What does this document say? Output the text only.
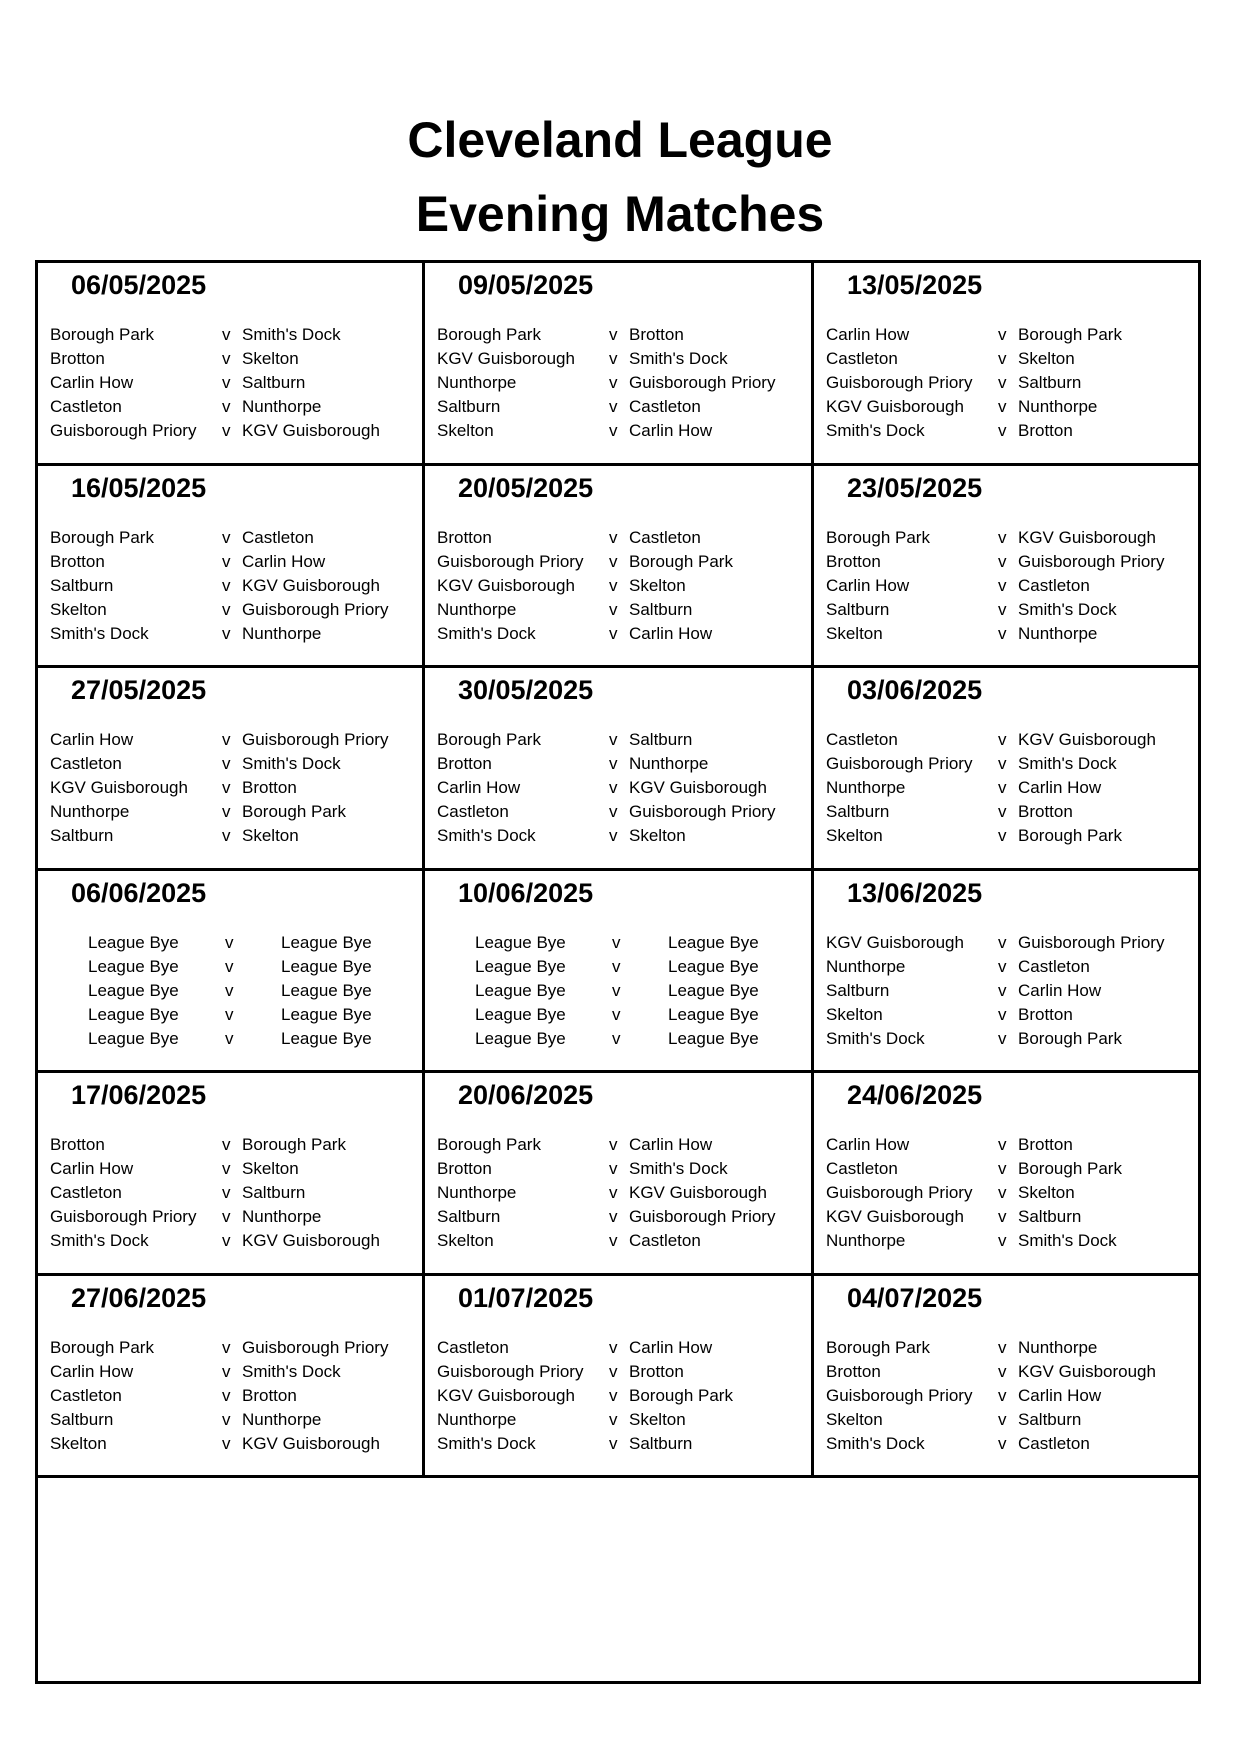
Cleveland League
Evening Matches
06/05/2025
Borough Park	v Smith's Dock
Brotton	v Skelton
Carlin How	v Saltburn
Castleton	v Nunthorpe
Guisborough Priory	v KGV Guisborough
09/05/2025
Borough Park	v Brotton
KGV Guisborough	v Smith's Dock
Nunthorpe	v Guisborough Priory
Saltburn	v Castleton
Skelton	v Carlin How
13/05/2025
Carlin How	v Borough Park
Castleton	v Skelton
Guisborough Priory	v Saltburn
KGV Guisborough	v Nunthorpe
Smith's Dock	v Brotton
16/05/2025
Borough Park	v Castleton
Brotton	v Carlin How
Saltburn	v KGV Guisborough
Skelton	v Guisborough Priory
Smith's Dock	v Nunthorpe
20/05/2025
Brotton	v Castleton
Guisborough Priory	v Borough Park
KGV Guisborough	v Skelton
Nunthorpe	v Saltburn
Smith's Dock	v Carlin How
23/05/2025
Borough Park	v KGV Guisborough
Brotton	v Guisborough Priory
Carlin How	v Castleton
Saltburn	v Smith's Dock
Skelton	v Nunthorpe
27/05/2025
Carlin How	v Guisborough Priory
Castleton	v Smith's Dock
KGV Guisborough	v Brotton
Nunthorpe	v Borough Park
Saltburn	v Skelton
30/05/2025
Borough Park	v Saltburn
Brotton	v Nunthorpe
Carlin How	v KGV Guisborough
Castleton	v Guisborough Priory
Smith's Dock	v Skelton
03/06/2025
Castleton	v KGV Guisborough
Guisborough Priory	v Smith's Dock
Nunthorpe	v Carlin How
Saltburn	v Brotton
Skelton	v Borough Park
06/06/2025
League Bye	v	League Bye
League Bye	v	League Bye
League Bye	v	League Bye
League Bye	v	League Bye
League Bye	v	League Bye
10/06/2025
League Bye	v	League Bye
League Bye	v	League Bye
League Bye	v	League Bye
League Bye	v	League Bye
League Bye	v	League Bye
13/06/2025
KGV Guisborough	v Guisborough Priory
Nunthorpe	v Castleton
Saltburn	v Carlin How
Skelton	v Brotton
Smith's Dock	v Borough Park
17/06/2025
Brotton	v Borough Park
Carlin How	v Skelton
Castleton	v Saltburn
Guisborough Priory	v Nunthorpe
Smith's Dock	v KGV Guisborough
20/06/2025
Borough Park	v Carlin How
Brotton	v Smith's Dock
Nunthorpe	v KGV Guisborough
Saltburn	v Guisborough Priory
Skelton	v Castleton
24/06/2025
Carlin How	v Brotton
Castleton	v Borough Park
Guisborough Priory	v Skelton
KGV Guisborough	v Saltburn
Nunthorpe	v Smith's Dock
27/06/2025
Borough Park	v Guisborough Priory
Carlin How	v Smith's Dock
Castleton	v Brotton
Saltburn	v Nunthorpe
Skelton	v KGV Guisborough
01/07/2025
Castleton	v Carlin How
Guisborough Priory	v Brotton
KGV Guisborough	v Borough Park
Nunthorpe	v Skelton
Smith's Dock	v Saltburn
04/07/2025
Borough Park	v Nunthorpe
Brotton	v KGV Guisborough
Guisborough Priory	v Carlin How
Skelton	v Saltburn
Smith's Dock	v Castleton
